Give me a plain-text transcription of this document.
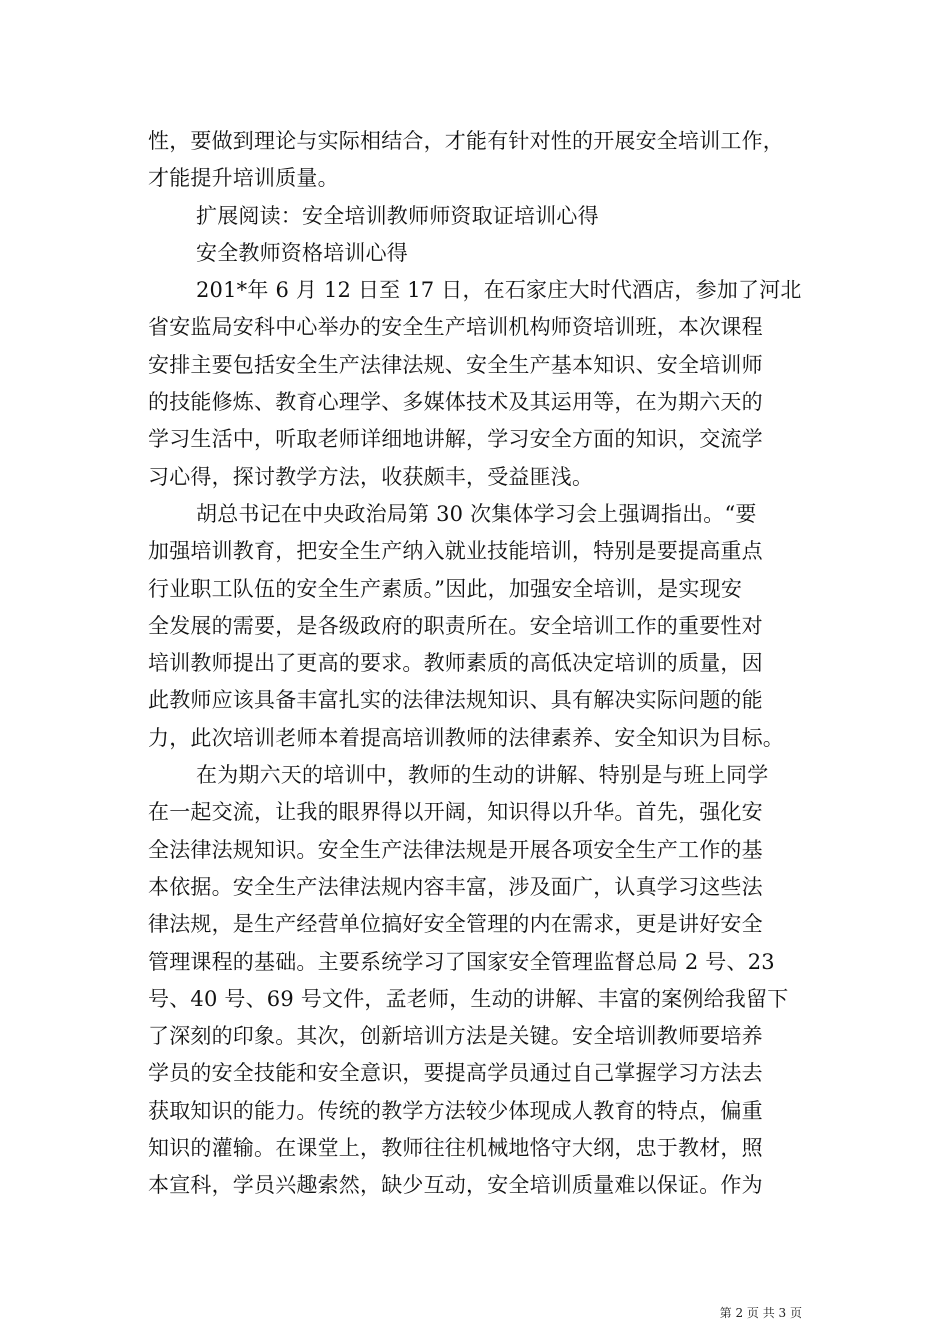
性，要做到理论与实际相结合，才能有针对性的开展安全培训工作，
才能提升培训质量。
扩展阅读：安全培训教师师资取证培训心得
安全教师资格培训心得
201*年 6 月 12 日至 17 日，在石家庄大时代酒店，参加了河北
省安监局安科中心举办的安全生产培训机构师资培训班，本次课程
安排主要包括安全生产法律法规、安全生产基本知识、安全培训师
的技能修炼、教育心理学、多媒体技术及其运用等，在为期六天的
学习生活中，听取老师详细地讲解，学习安全方面的知识，交流学
习心得，探讨教学方法，收获颇丰，受益匪浅。
胡总书记在中央政治局第 30 次集体学习会上强调指出。“要
加强培训教育，把安全生产纳入就业技能培训，特别是要提高重点
行业职工队伍的安全生产素质。”因此，加强安全培训，是实现安
全发展的需要，是各级政府的职责所在。安全培训工作的重要性对
培训教师提出了更高的要求。教师素质的高低决定培训的质量，因
此教师应该具备丰富扎实的法律法规知识、具有解决实际问题的能
力，此次培训老师本着提高培训教师的法律素养、安全知识为目标。
在为期六天的培训中，教师的生动的讲解、特别是与班上同学
在一起交流，让我的眼界得以开阔，知识得以升华。首先，强化安
全法律法规知识。安全生产法律法规是开展各项安全生产工作的基
本依据。安全生产法律法规内容丰富，涉及面广，认真学习这些法
律法规，是生产经营单位搞好安全管理的内在需求，更是讲好安全
管理课程的基础。主要系统学习了国家安全管理监督总局 2 号、23
号、40 号、69 号文件，孟老师，生动的讲解、丰富的案例给我留下
了深刻的印象。其次，创新培训方法是关键。安全培训教师要培养
学员的安全技能和安全意识，要提高学员通过自己掌握学习方法去
获取知识的能力。传统的教学方法较少体现成人教育的特点，偏重
知识的灌输。在课堂上，教师往往机械地恪守大纲，忠于教材，照
本宣科，学员兴趣索然，缺少互动，安全培训质量难以保证。作为
第 2 页 共 3 页
